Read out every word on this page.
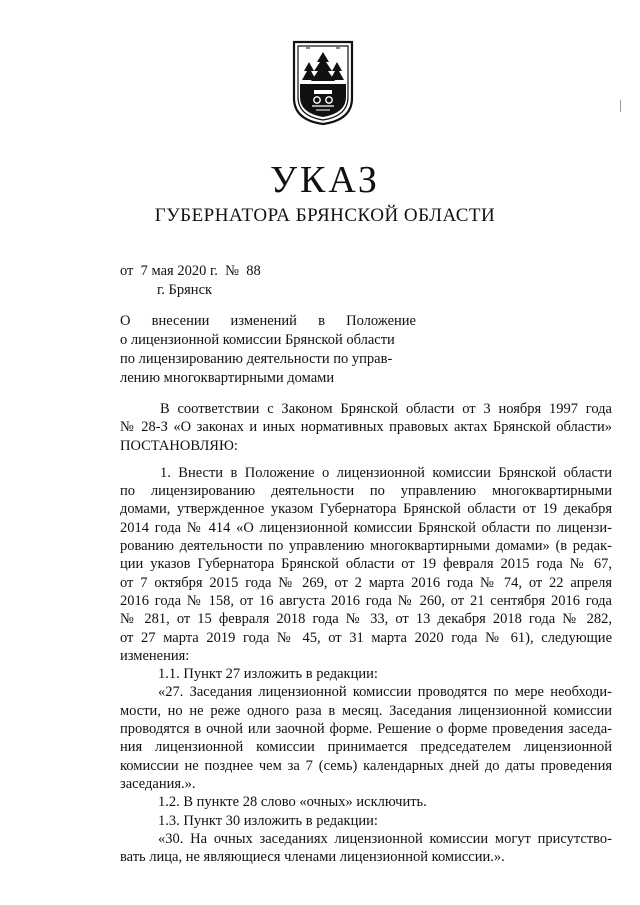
УКАЗ
ГУБЕРНАТОРА БРЯНСКОЙ ОБЛАСТИ
от  7 мая 2020 г.  №  88
г. Брянск
О внесении изменений в Положение
о лицензионной комиссии Брянской области
по лицензированию деятельности по управ-
лению многоквартирными домами
В соответствии с Законом Брянской области от 3 ноября 1997 года
№ 28-З «О законах и иных нормативных правовых актах Брянской области»
ПОСТАНОВЛЯЮ:
1. Внести в Положение о лицензионной комиссии Брянской области
по лицензированию деятельности по управлению многоквартирными
домами, утвержденное указом Губернатора Брянской области от 19 декабря
2014 года № 414 «О лицензионной комиссии Брянской области по лицензи-
рованию деятельности по управлению многоквартирными домами» (в редак-
ции указов Губернатора Брянской области от 19 февраля 2015 года № 67,
от 7 октября 2015 года № 269, от 2 марта 2016 года № 74, от 22 апреля
2016 года № 158, от 16 августа 2016 года № 260, от 21 сентября 2016 года
№ 281, от 15 февраля 2018 года № 33, от 13 декабря 2018 года № 282,
от 27 марта 2019 года № 45, от 31 марта 2020 года № 61), следующие
изменения:
1.1. Пункт 27 изложить в редакции:
«27. Заседания лицензионной комиссии проводятся по мере необходи-
мости, но не реже одного раза в месяц. Заседания лицензионной комиссии
проводятся в очной или заочной форме. Решение о форме проведения заседа-
ния лицензионной комиссии принимается председателем лицензионной
комиссии не позднее чем за 7 (семь) календарных дней до даты проведения
заседания.».
1.2. В пункте 28 слово «очных» исключить.
1.3. Пункт 30 изложить в редакции:
«30. На очных заседаниях лицензионной комиссии могут присутство-
вать лица, не являющиеся членами лицензионной комиссии.».
